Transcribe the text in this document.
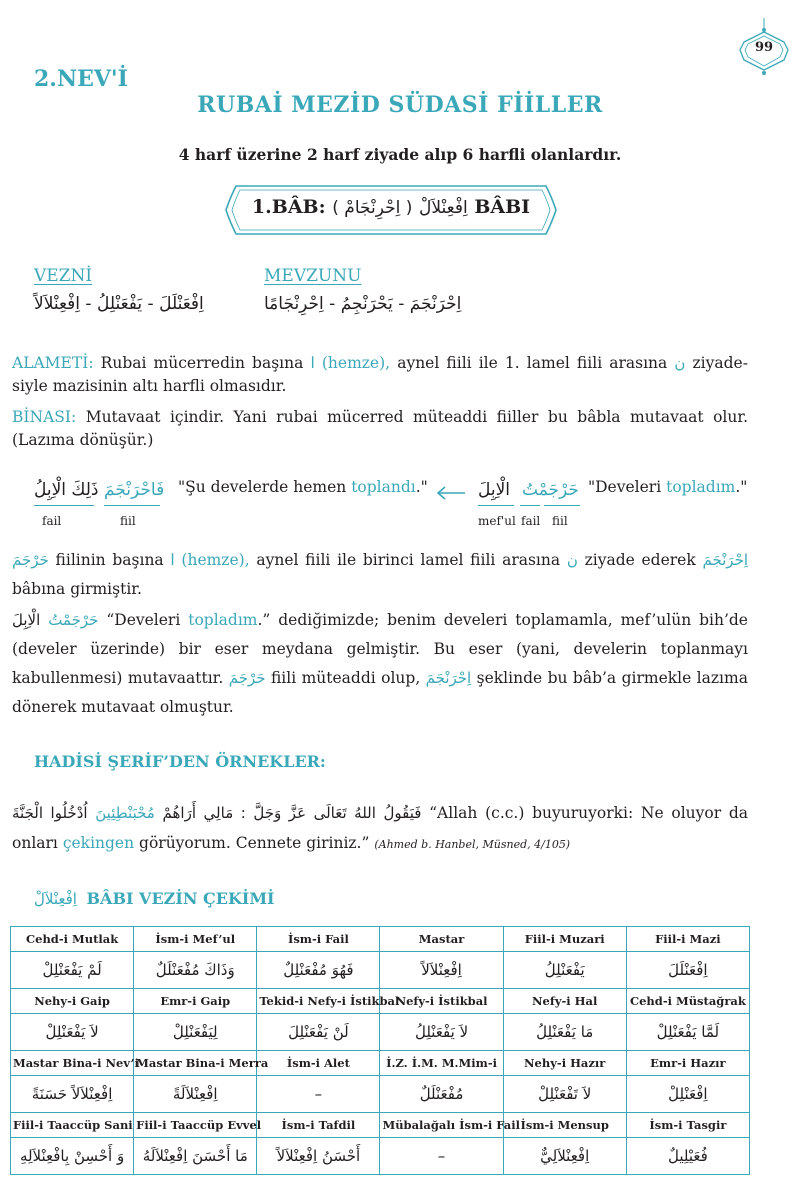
99
2.NEV'İ
RUBAİ MEZİD SÜDASİ FİİLLER
4 harf üzerine 2 harf ziyade alıp 6 harfli olanlardır.
1.BÂB:	اِفْعِنْلاَلْ ( اِحْرِنْجَامْ )	BÂBI
VEZNİ	MEVZUNU
اِفْعَنْلَلَ - يَفْعَنْلِلُ - اِفْعِنْلاَلاً	اِحْرَنْجَمَ - يَحْرَنْجِمُ - اِحْرِنْجَامًا

ALAMETİ: Rubai mücerredin başına ا (hemze), aynel fiili ile 1. lamel fiili arasına ن ziyade-siyle mazisinin altı harfli olmasıdır.

BİNASI: Mutavaat içindir. Yani rubai mücerred müteaddi fiiller bu bâbla mutavaat olur. (Lazıma dönüşür.)

ذَلِكَ الْاِبِلُ فَاحْرَنْجَمَ "Şu develerde hemen toplandı."	الْاِبِلَ حَرْجَمْتُ "Develeri topladım."
fail	fiil	mef'ul fail fiil

حَرْجَمَ fiilinin başına ا (hemze), aynel fiili ile birinci lamel fiili arasına ن ziyade ederek اِحْرَنْجَمَ bâbına girmiştir.

حَرْجَمْتُ الْاِبِلَ	“Develeri topladım.” dediğimizde; benim develeri toplamamla, mef’ulün bih’de (develer üzerinde) bir eser meydana gelmiştir. Bu eser (yani, develerin toplanmayı kabullenmesi) mutavaattır. حَرْجَمَ fiili müteaddi olup, اِحْرَنْجَمَ şeklinde bu bâb’a girmekle lazıma dönerek mutavaat olmuştur.

HADİSİ ŞERİF’DEN ÖRNEKLER:

فَيَقُولُ اللهُ تَعَالَى عَزَّ وَجَلَّ : مَالِي أَرَاهُمْ مُحْبَنْطِئِينَ اُدْخُلُوا الْجَنَّةَ	“Allah (c.c.) buyuruyorki: Ne oluyor da onları çekingen görüyorum. Cennete giriniz.” (Ahmed b. Hanbel, Müsned, 4/105)

اِفْعِنْلاَلْ BÂBI VEZİN ÇEKİMİ
Cehd-i Mutlak	İsm-i Mef’ul	İsm-i Fail	Mastar	Fiil-i Muzari	Fiil-i Mazi
لَمْ يَفْعَنْلِلْ	وَذَاكَ مُفْعَنْلَلٌ	فَهُوَ مُفْعَنْلِلٌ	اِفْعِنْلاَلاً	يَفْعَنْلِلُ	اِفْعَنْلَلَ
Nehy-i Gaip	Emr-i Gaip	Tekid-i Nefy-i İstikbal	Nefy-i İstikbal	Nefy-i Hal	Cehd-i Müstağrak
لاَ يَفْعَنْلِلْ	لِيَفْعَنْلِلْ	لَنْ يَفْعَنْلِلَ	لاَ يَفْعَنْلِلُ	مَا يَفْعَنْلِلُ	لَمَّا يَفْعَنْلِلْ
Mastar Bina-i Nev’i	Mastar Bina-i Merra	İsm-i Alet	İ.Z. İ.M. M.Mim-i	Nehy-i Hazır	Emr-i Hazır
اِفْعِنْلاَلاً حَسَنَةً	اِفْعِنْلاَلَةً	–	مُفْعَنْلَلٌ	لاَ تَفْعَنْلِلْ	اِفْعَنْلِلْ
Fiil-i Taaccüp Sani	Fiil-i Taaccüp Evvel	İsm-i Tafdil	Mübalağalı İsm-i Fail	İsm-i Mensup	İsm-i Tasgir
وَ أَحْسِنْ بِافْعِنْلاَلِهِ	مَا أَحْسَنَ اِفْعِنْلاَلَهُ	أَحْسَنُ اِفْعِنْلاَلاً	–	اِفْعِنْلاَلِيٌّ	فُعَيْلِيلٌ
